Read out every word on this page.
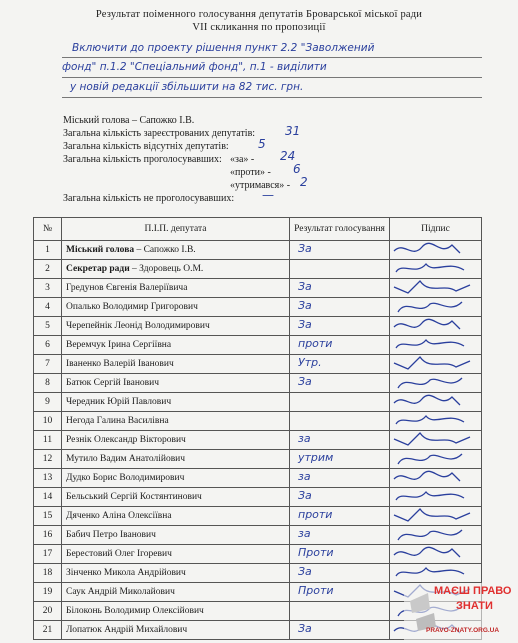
Результат поіменного голосування депутатів Броварської міської ради
VII скликання по пропозиції
Включити до проекту рішення пункт 2.2 "Заволжений
фонд" п.1.2 "Спеціальний фонд", п.1 - виділити
у новій редакції збільшити на 82 тис. грн.
Міський голова – Сапожко І.В.
Загальна кількість зареєстрованих депутатів: 31
Загальна кількість відсутніх депутатів: 5
Загальна кількість проголосувавших: «за» - 24
«проти» - 6
«утримався» - 2
Загальна кількість не проголосувавших: —
№	П.І.П. депутата	Результат голосування	Підпис
1	Міський голова – Сапожко І.В.	За

2	Секретар ради – Здоровець О.М.	

3	Гредунов Євгенія Валеріївича	За

4	Опалько Володимир Григорович	За

5	Черепейнік Леонід Володимирович	За

6	Веремчук Ірина Сергіївна	проти

7	Іваненко Валерій Іванович	Утр.

8	Батюк Сергій Іванович	За

9	Чередник Юрій Павлович	

10	Негода Галина Василівна	

11	Резнік Олександр Вікторович	за

12	Мутило Вадим Анатолійович	утрим

13	Дудко Борис Володимирович	за

14	Бельський Сергій Костянтинович	За

15	Дяченко Аліна Олексіївна	проти

16	Бабич Петро Іванович	за

17	Берестовий Олег Ігоревич	Проти

18	Зінченко Микола Андрійович	За

19	Саук Андрій Миколайович	Проти

20	Білоконь Володимир Олексійович	

21	Лопатюк Андрій Михайлович	За

МАЄШ ПРАВО
ЗНАТИ
PRAVO-ZNATY.ORG.UA
